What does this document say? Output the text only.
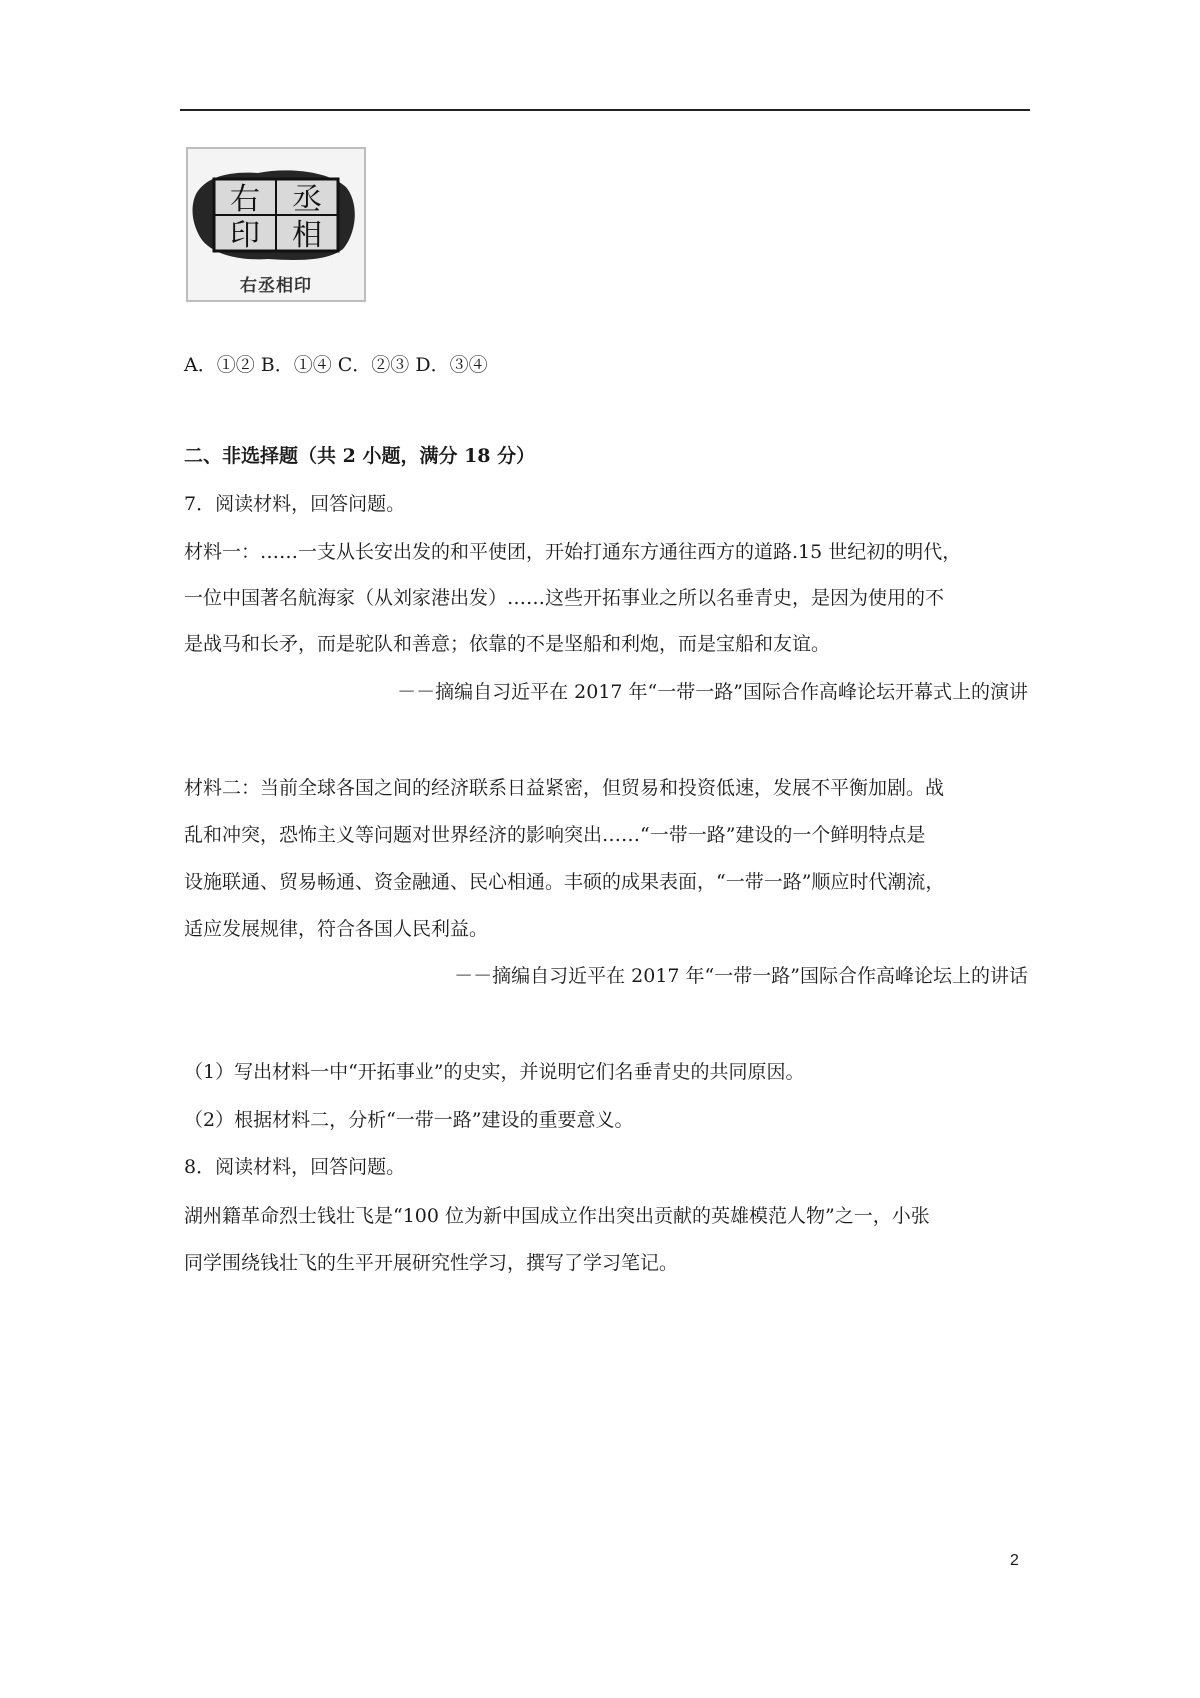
丞
右
相
印
右丞相印
A．①② B．①④ C．②③ D．③④
二、非选择题（共 2 小题，满分 18 分）
7．阅读材料，回答问题。
材料一：……一支从长安出发的和平使团，开始打通东方通往西方的道路.15 世纪初的明代，
一位中国著名航海家（从刘家港出发）……这些开拓事业之所以名垂青史，是因为使用的不
是战马和长矛，而是驼队和善意；依靠的不是坚船和利炮，而是宝船和友谊。
－－摘编自习近平在 2017 年“一带一路”国际合作高峰论坛开幕式上的演讲
材料二：当前全球各国之间的经济联系日益紧密，但贸易和投资低速，发展不平衡加剧。战
乱和冲突，恐怖主义等问题对世界经济的影响突出……“一带一路”建设的一个鲜明特点是
设施联通、贸易畅通、资金融通、民心相通。丰硕的成果表面，“一带一路”顺应时代潮流，
适应发展规律，符合各国人民利益。
－－摘编自习近平在 2017 年“一带一路”国际合作高峰论坛上的讲话
（1）写出材料一中“开拓事业”的史实，并说明它们名垂青史的共同原因。
（2）根据材料二，分析“一带一路”建设的重要意义。
8．阅读材料，回答问题。
湖州籍革命烈士钱壮飞是“100 位为新中国成立作出突出贡献的英雄模范人物”之一，小张
同学围绕钱壮飞的生平开展研究性学习，撰写了学习笔记。
2
